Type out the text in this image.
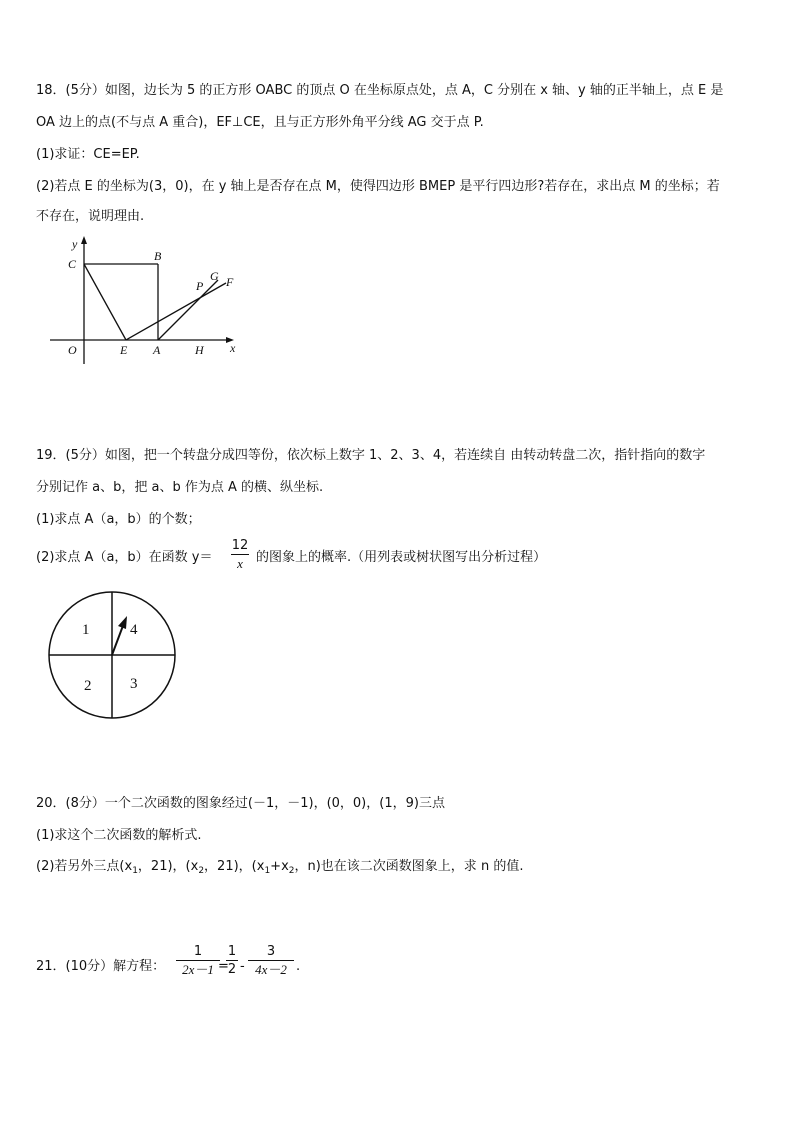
18．(5分）如图，边长为 5 的正方形 OABC 的顶点 O 在坐标原点处，点 A，C 分别在 x 轴、y 轴的正半轴上，点 E 是
OA 边上的点(不与点 A 重合)，EF⊥CE，且与正方形外角平分线 AG 交于点 P.
(1)求证：CE=EP.
(2)若点 E 的坐标为(3，0)，在 y 轴上是否存在点 M，使得四边形 BMEP 是平行四边形?若存在，求出点 M 的坐标；若
不存在，说明理由.
y
x
C
B
G
P F
O	E A	H
19．(5分）如图，把一个转盘分成四等份，依次标上数字 1、2、3、4，若连续自 由转动转盘二次，指针指向的数字
分别记作 a、b，把 a、b 作为点 A 的横、纵坐标.
(1)求点 A（a，b）的个数；
(2)求点 A（a，b）在函数 y＝
12
x	的图象上的概率.（用列表或树状图写出分析过程）
1	4
2	3
20．(8分）一个二次函数的图象经过(－1，－1)，(0，0)，(1，9)三点
(1)求这个二次函数的解析式.
(2)若另外三点($x_1$，21)，($x_2$，21)，($x_1+x_2$，n)也在该二次函数图象上，求 n 的值.
21．(10分）解方程：
1
2x－1 =
1
2 -
3
4x－2 .
